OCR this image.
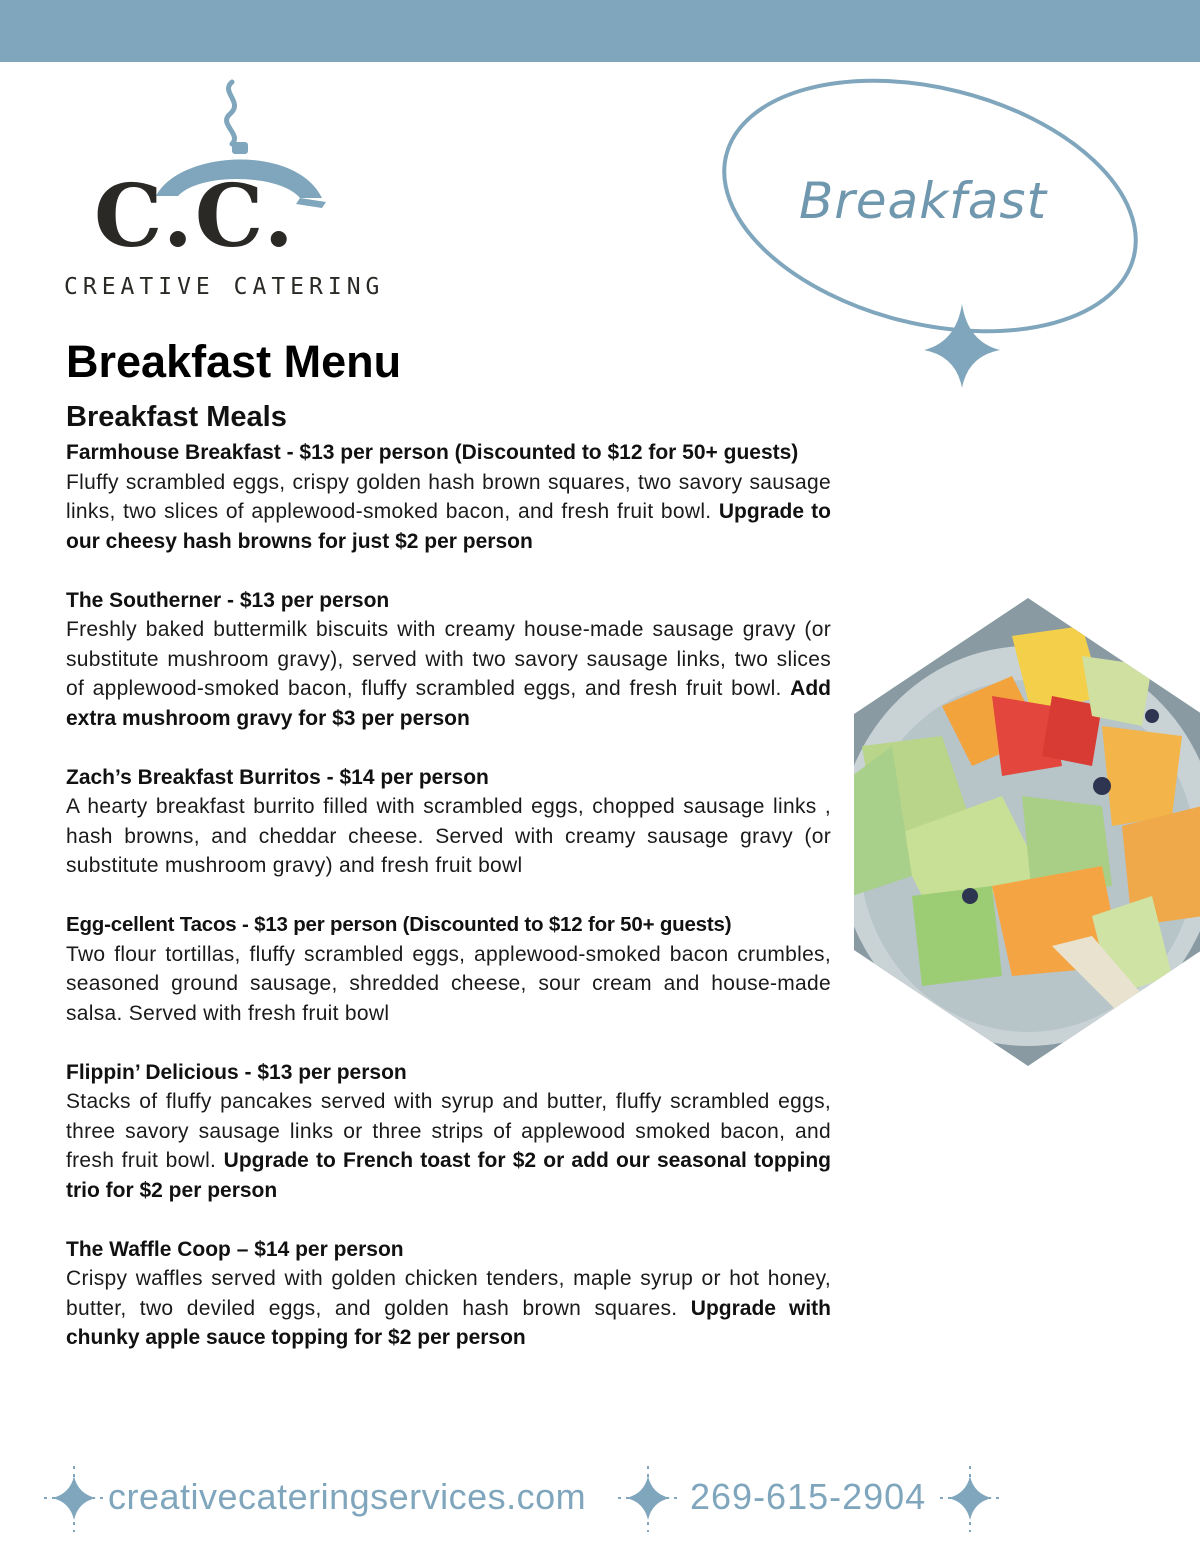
C.C.
CREATIVE CATERING
Breakfast
Breakfast Menu
Breakfast Meals

Farmhouse Breakfast - $13 per person (Discounted to $12 for 50+ guests)

Fluffy scrambled eggs, crispy golden hash brown squares, two savory sausage links, two slices of applewood-smoked bacon, and fresh fruit bowl. Upgrade to our cheesy hash browns for just $2 per person

The Southerner - $13 per person

Freshly baked buttermilk biscuits with creamy house-made sausage gravy (or substitute mushroom gravy), served with two savory sausage links, two slices of applewood-smoked bacon, fluffy scrambled eggs, and fresh fruit bowl. Add extra mushroom gravy for $3 per person

Zach’s Breakfast Burritos - $14 per person

A hearty breakfast burrito filled with scrambled eggs, chopped sausage links , hash browns, and cheddar cheese. Served with creamy sausage gravy (or substitute mushroom gravy) and fresh fruit bowl

Egg-cellent Tacos - $13 per person (Discounted to $12 for 50+ guests)

Two flour tortillas, fluffy scrambled eggs, applewood-smoked bacon crumbles, seasoned ground sausage, shredded cheese, sour cream and house-made salsa. Served with fresh fruit bowl

Flippin’ Delicious - $13 per person

Stacks of fluffy pancakes served with syrup and butter, fluffy scrambled eggs, three savory sausage links or three strips of applewood smoked bacon, and fresh fruit bowl. Upgrade to French toast for $2 or add our seasonal topping trio for $2 per person

The Waffle Coop – $14 per person

Crispy waffles served with golden chicken tenders, maple syrup or hot honey, butter, two deviled eggs, and golden hash brown squares. Upgrade with chunky apple sauce topping for $2 per person

creativecateringservices.com	269-615-2904
